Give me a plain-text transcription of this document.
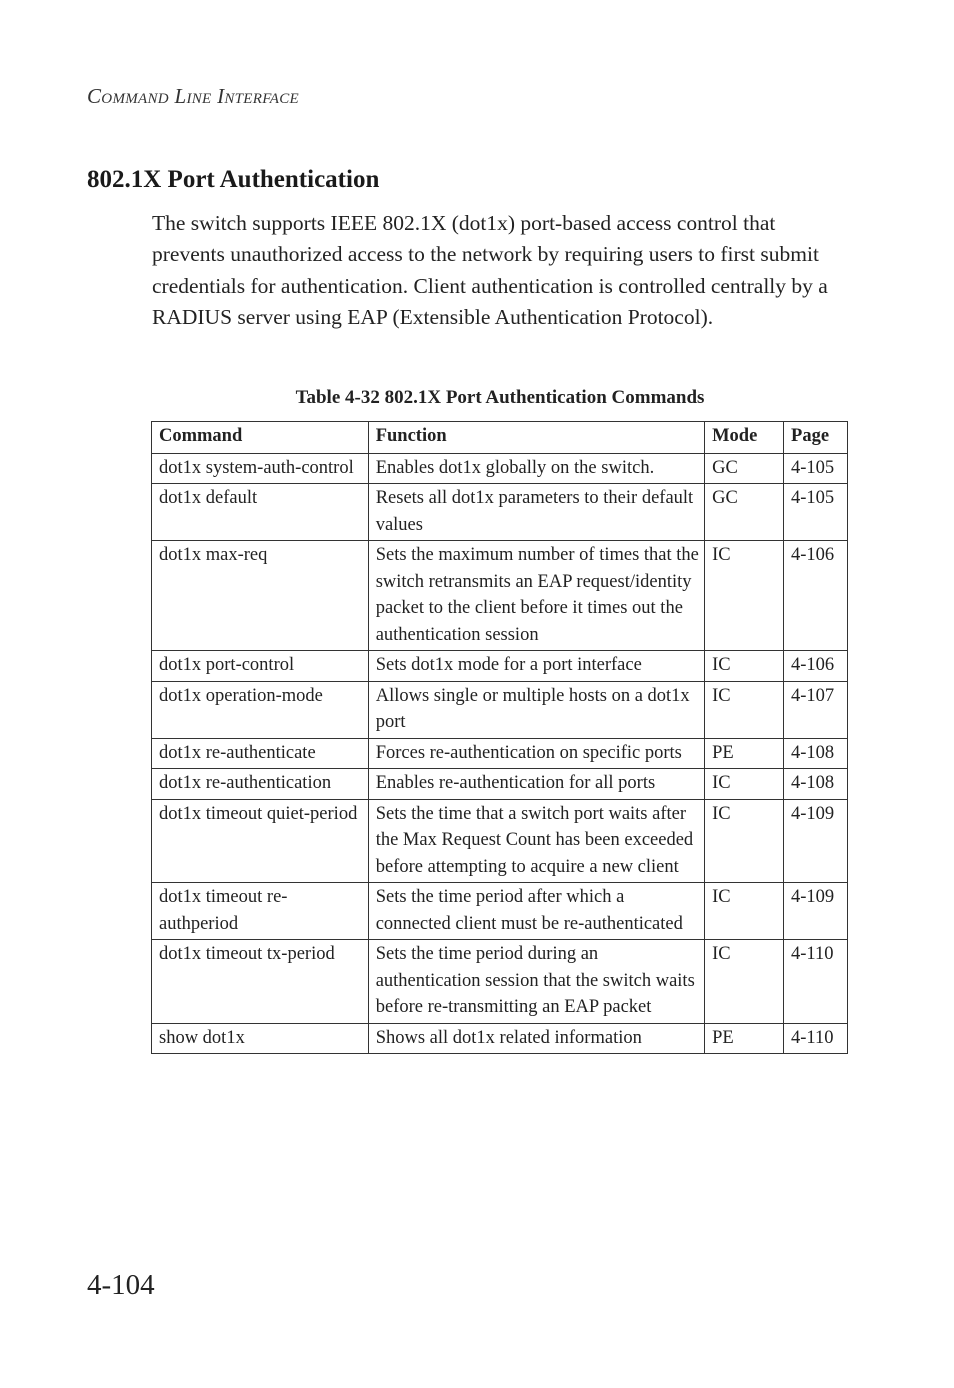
Command Line Interface
802.1X Port Authentication

The switch supports IEEE 802.1X (dot1x) port-based access control that prevents unauthorized access to the network by requiring users to first submit credentials for authentication. Client authentication is controlled centrally by a RADIUS server using EAP (Extensible Authentication Protocol).

Table 4-32 802.1X Port Authentication Commands
Command	Function	Mode	Page
dot1x system-auth-control	Enables dot1x globally on the switch.	GC	4-105
dot1x default	Resets all dot1x parameters to their default values	GC	4-105
dot1x max-req	Sets the maximum number of times that the switch retransmits an EAP request/identity packet to the client before it times out the authentication session	IC	4-106
dot1x port-control	Sets dot1x mode for a port interface	IC	4-106
dot1x operation-mode	Allows single or multiple hosts on a dot1x port	IC	4-107
dot1x re-authenticate	Forces re-authentication on specific ports	PE	4-108
dot1x re-authentication	Enables re-authentication for all ports	IC	4-108
dot1x timeout quiet-period	Sets the time that a switch port waits after the Max Request Count has been exceeded before attempting to acquire a new client	IC	4-109
dot1x timeout re-authperiod	Sets the time period after which a connected client must be re-authenticated	IC	4-109
dot1x timeout tx-period	Sets the time period during an authentication session that the switch waits before re-transmitting an EAP packet	IC	4-110
show dot1x	Shows all dot1x related information	PE	4-110
4-104
